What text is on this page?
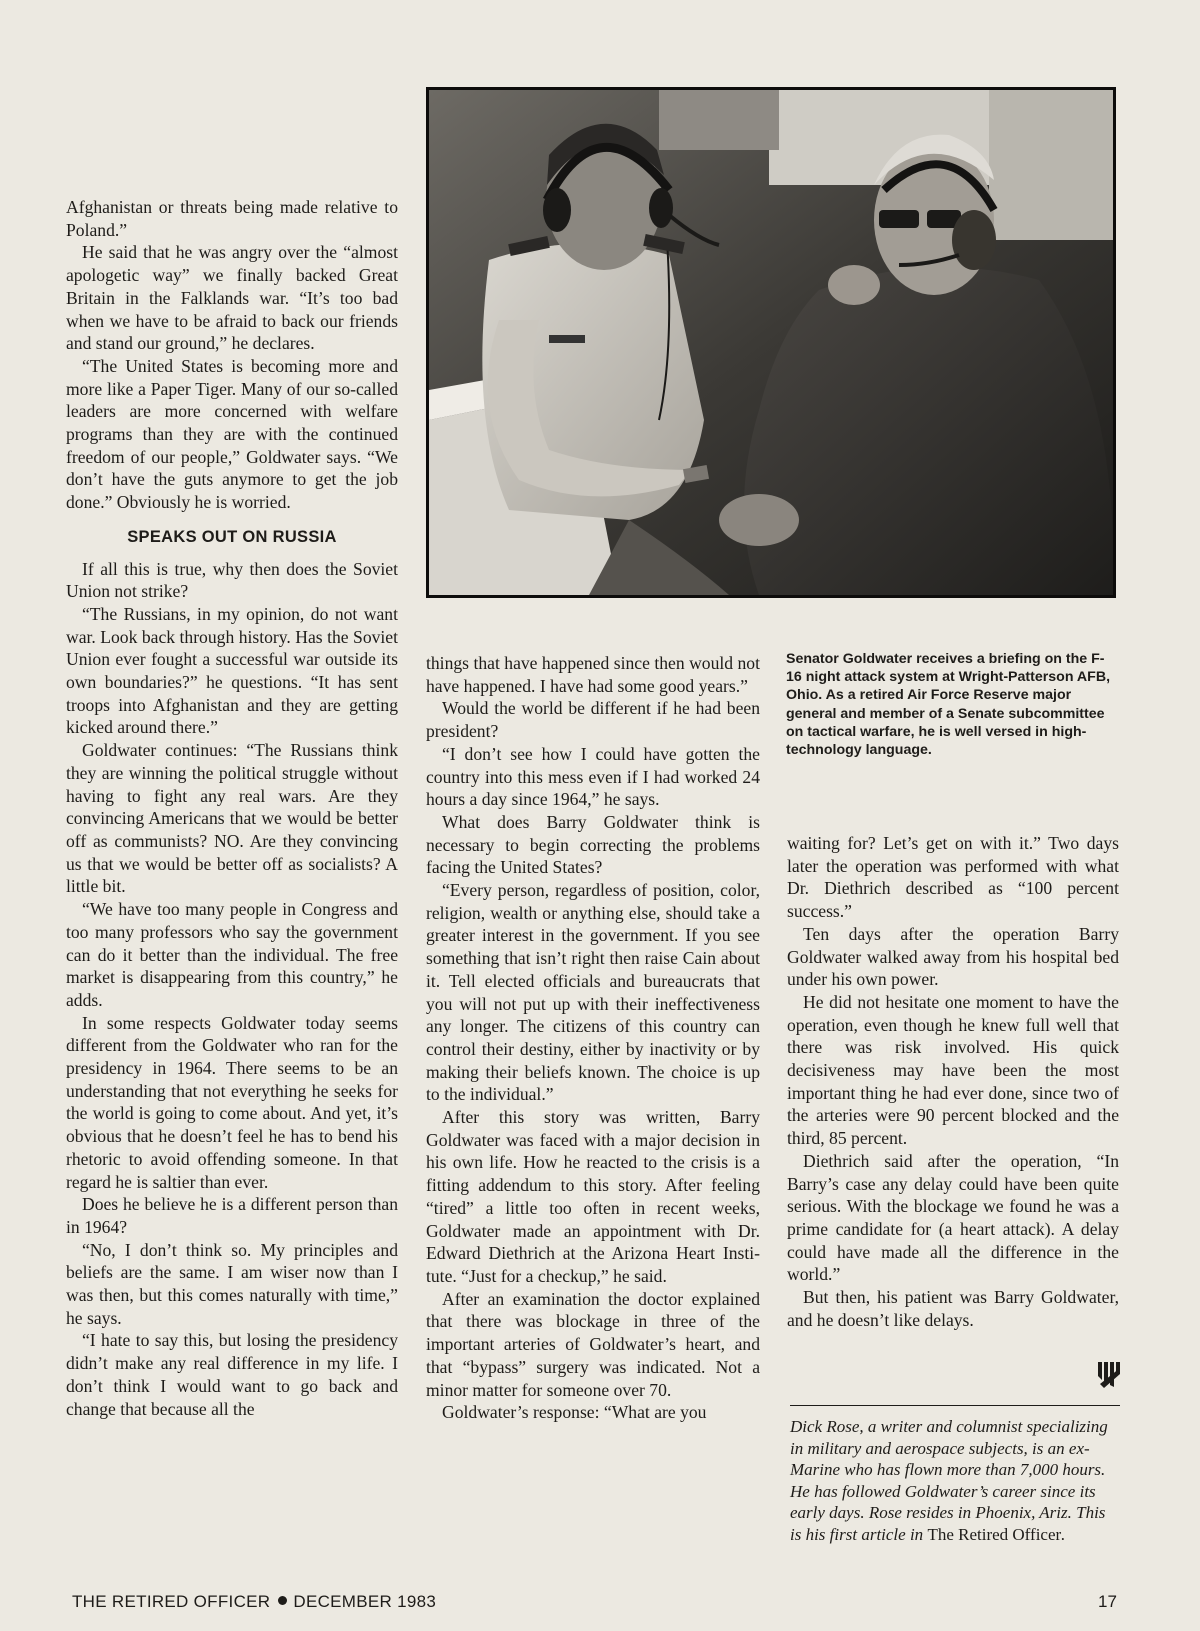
Afghanistan or threats being made relative to Poland.”

He said that he was angry over the “almost apologetic way” we finally backed Great Britain in the Falklands war. “It’s too bad when we have to be afraid to back our friends and stand our ground,” he declares.

“The United States is becoming more and more like a Paper Tiger. Many of our so-called leaders are more concerned with welfare programs than they are with the continued freedom of our people,” Goldwater says. “We don’t have the guts anymore to get the job done.” Obviously he is worried.

SPEAKS OUT ON RUSSIA

If all this is true, why then does the Soviet Union not strike?

“The Russians, in my opinion, do not want war. Look back through history. Has the Soviet Union ever fought a successful war outside its own boundaries?” he questions. “It has sent troops into Afghanistan and they are getting kicked around there.”

Goldwater continues: “The Russians think they are winning the political struggle without having to fight any real wars. Are they convincing Americans that we would be better off as communists? NO. Are they convincing us that we would be better off as socialists? A little bit.

“We have too many people in Congress and too many professors who say the government can do it better than the individual. The free market is disappearing from this country,” he adds.

In some respects Goldwater today seems different from the Goldwater who ran for the presidency in 1964. There seems to be an understanding that not everything he seeks for the world is going to come about. And yet, it’s obvious that he doesn’t feel he has to bend his rhetoric to avoid offending someone. In that regard he is saltier than ever.

Does he believe he is a different person than in 1964?

“No, I don’t think so. My principles and beliefs are the same. I am wiser now than I was then, but this comes naturally with time,” he says.

“I hate to say this, but losing the presidency didn’t make any real difference in my life. I don’t think I would want to go back and change that because all the

things that have happened since then would not have happened. I have had some good years.”

Would the world be different if he had been president?

“I don’t see how I could have gotten the country into this mess even if I had worked 24 hours a day since 1964,” he says.

What does Barry Goldwater think is necessary to begin correcting the problems facing the United States?

“Every person, regardless of position, color, religion, wealth or anything else, should take a greater interest in the government. If you see something that isn’t right then raise Cain about it. Tell elected officials and bureaucrats that you will not put up with their ineffectiveness any longer. The citizens of this country can control their destiny, either by inactivity or by making their beliefs known. The choice is up to the individual.”

After this story was written, Barry Goldwater was faced with a major decision in his own life. How he reacted to the crisis is a fitting addendum to this story. After feeling “tired” a little too often in recent weeks, Goldwater made an appointment with Dr. Edward Diethrich at the Arizona Heart Institute. “Just for a checkup,” he said.

After an examination the doctor explained that there was blockage in three of the important arteries of Goldwater’s heart, and that “bypass” surgery was indicated. Not a minor matter for someone over 70.

Goldwater’s response: “What are you

Senator Goldwater receives a briefing on the F-16 night attack system at Wright-Patterson AFB, Ohio. As a retired Air Force Reserve major general and member of a Senate subcommittee on tactical warfare, he is well versed in high-technology language.

waiting for? Let’s get on with it.” Two days later the operation was performed with what Dr. Diethrich described as “100 percent success.”

Ten days after the operation Barry Goldwater walked away from his hospital bed under his own power.

He did not hesitate one moment to have the operation, even though he knew full well that there was risk involved. His quick decisiveness may have been the most important thing he had ever done, since two of the arteries were 90 percent blocked and the third, 85 percent.

Diethrich said after the operation, “In Barry’s case any delay could have been quite serious. With the blockage we found he was a prime candidate for (a heart attack). A delay could have made all the difference in the world.”

But then, his patient was Barry Goldwater, and he doesn’t like delays.

Dick Rose, a writer and columnist specializing in military and aerospace subjects, is an ex-Marine who has flown more than 7,000 hours. He has followed Goldwater’s career since its early days. Rose resides in Phoenix, Ariz. This is his first article in The Retired Officer.
THE RETIRED OFFICER DECEMBER 1983	17
